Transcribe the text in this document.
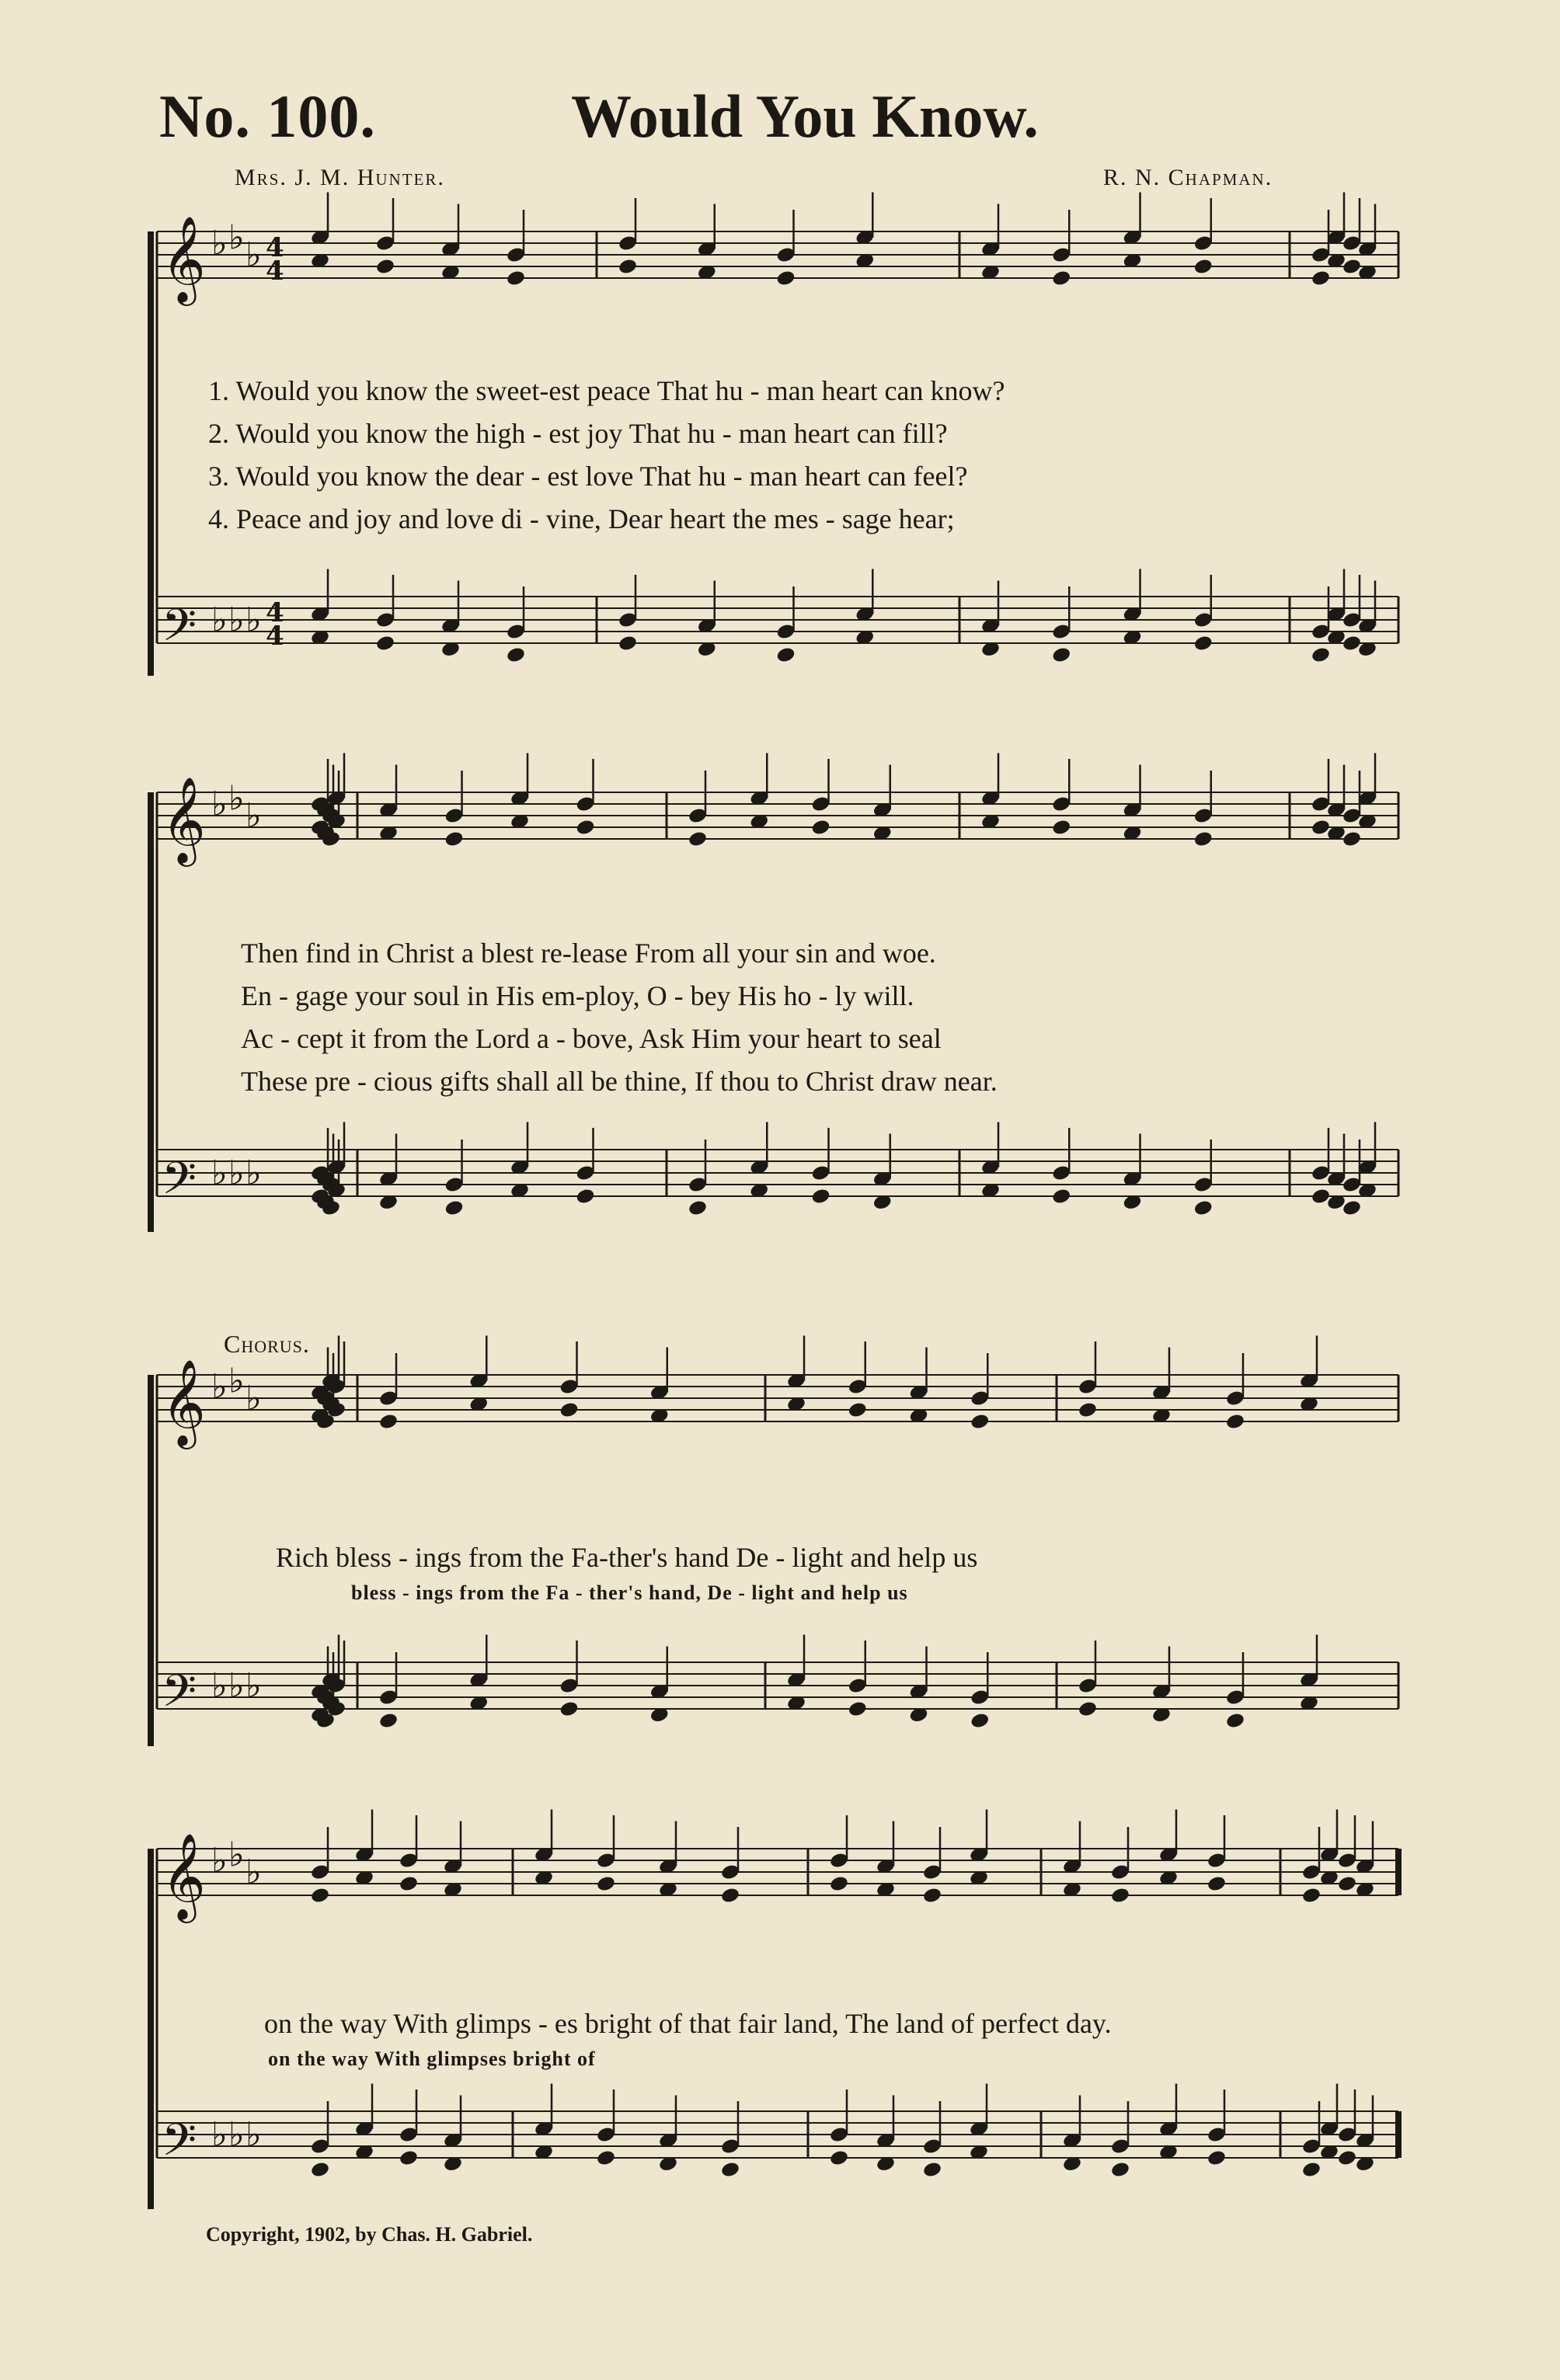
No. 100.	Would You Know.
Mrs. J. M. Hunter.	R. N. Chapman.
𝄞 ♭ ♭ ♭
𝄢 ♭ ♭ ♭
𝄞 ♭ ♭ ♭
𝄢 ♭ ♭ ♭
𝄞 ♭ ♭ ♭
𝄢 ♭ ♭ ♭
𝄞 ♭ ♭ ♭
𝄢 ♭ ♭ ♭
4
4
4
4
1. Would you know the sweet-est peace That hu - man heart can know?
2. Would you know the high - est joy That hu - man heart can fill?
3. Would you know the dear - est love That hu - man heart can feel?
4. Peace and joy and love di - vine, Dear heart the mes - sage hear;
Then find in Christ a blest re-lease From all your sin and woe.
En - gage your soul in His em-ploy, O - bey His ho - ly will.
Ac - cept it from the Lord a - bove, Ask Him your heart to seal
These pre - cious gifts shall all be thine, If thou to Christ draw near.
Chorus.
Rich bless - ings from the Fa-ther's hand De - light and help us
bless - ings from the Fa - ther's hand, De - light and help us
on the way With glimps - es bright of that fair land, The land of perfect day.
on the way With glimpses bright of
Copyright, 1902, by Chas. H. Gabriel.
